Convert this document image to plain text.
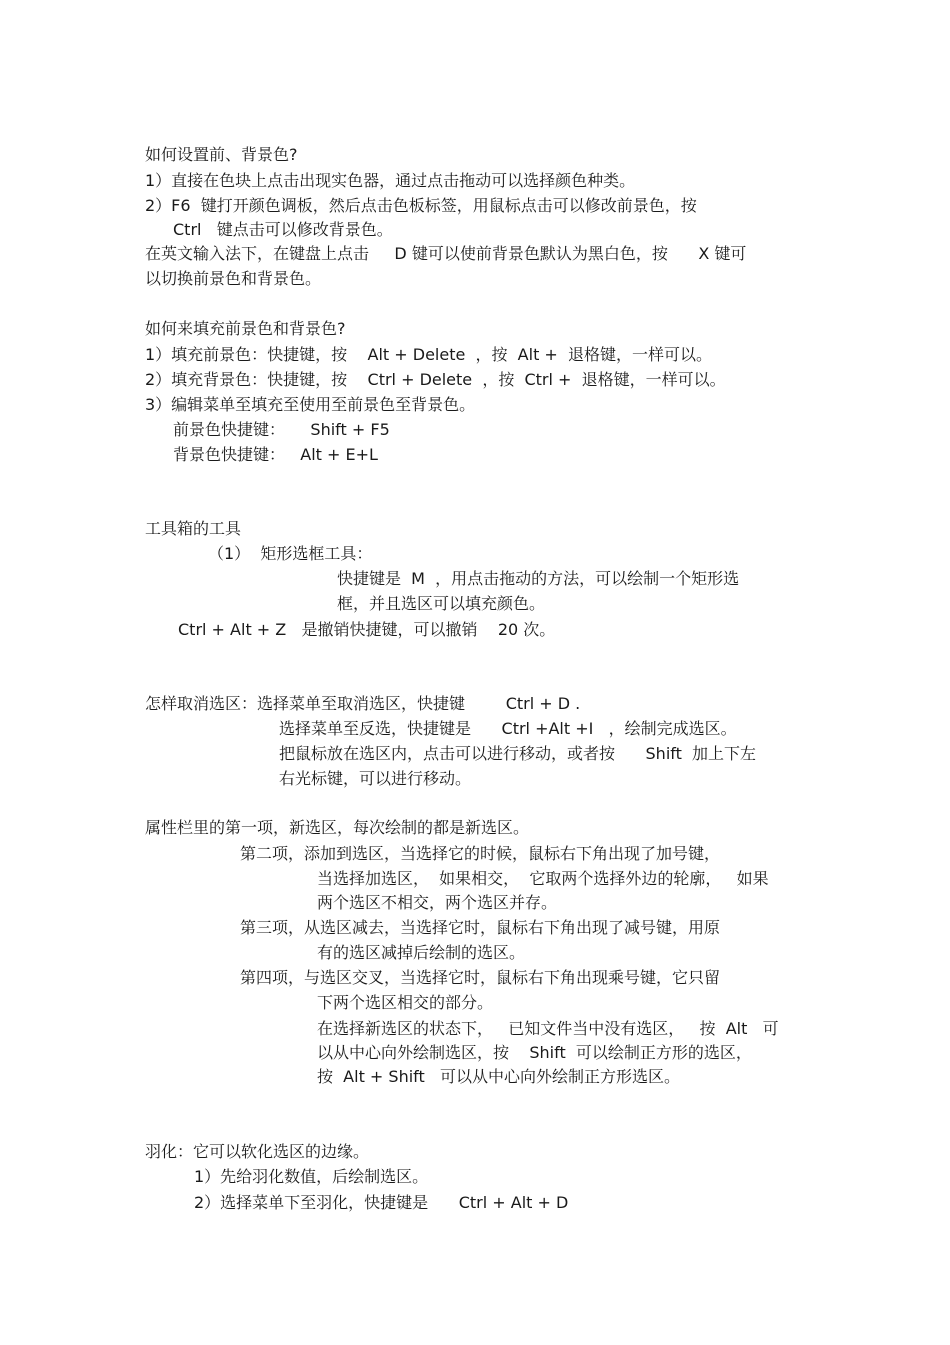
如何设置前、背景色?
1）直接在色块上点击出现实色器，通过点击拖动可以选择颜色种类。
2）F6  键打开颜色调板，然后点击色板标签，用鼠标点击可以修改前景色，按
Ctrl   键点击可以修改背景色。
在英文输入法下，在键盘上点击     D 键可以使前背景色默认为黑白色，按      X 键可
以切换前景色和背景色。
如何来填充前景色和背景色?
1）填充前景色：快捷键，按    Alt + Delete  ，按  Alt +  退格键，一样可以。
2）填充背景色：快捷键，按    Ctrl + Delete  ，按  Ctrl +  退格键，一样可以。
3）编辑菜单至填充至使用至前景色至背景色。
前景色快捷键：     Shift + F5
背景色快捷键：   Alt + E+L
工具箱的工具
（1）  矩形选框工具：
快捷键是  M  ，用点击拖动的方法，可以绘制一个矩形选
框，并且选区可以填充颜色。
Ctrl + Alt + Z   是撤销快捷键，可以撤销    20 次。
怎样取消选区：选择菜单至取消选区，快捷键        Ctrl + D .
选择菜单至反选，快捷键是      Ctrl +Alt +I   ，绘制完成选区。
把鼠标放在选区内，点击可以进行移动，或者按      Shift  加上下左
右光标键，可以进行移动。
属性栏里的第一项，新选区，每次绘制的都是新选区。
第二项，添加到选区，当选择它的时候，鼠标右下角出现了加号键，
当选择加选区，  如果相交，  它取两个选择外边的轮廓，   如果
两个选区不相交，两个选区并存。
第三项，从选区减去，当选择它时，鼠标右下角出现了减号键，用原
有的选区减掉后绘制的选区。
第四项，与选区交叉，当选择它时，鼠标右下角出现乘号键，它只留
下两个选区相交的部分。
在选择新选区的状态下，   已知文件当中没有选区，   按  Alt   可
以从中心向外绘制选区，按    Shift  可以绘制正方形的选区，
按  Alt + Shift   可以从中心向外绘制正方形选区。
羽化：它可以软化选区的边缘。
1）先给羽化数值，后绘制选区。
2）选择菜单下至羽化，快捷键是      Ctrl + Alt + D
